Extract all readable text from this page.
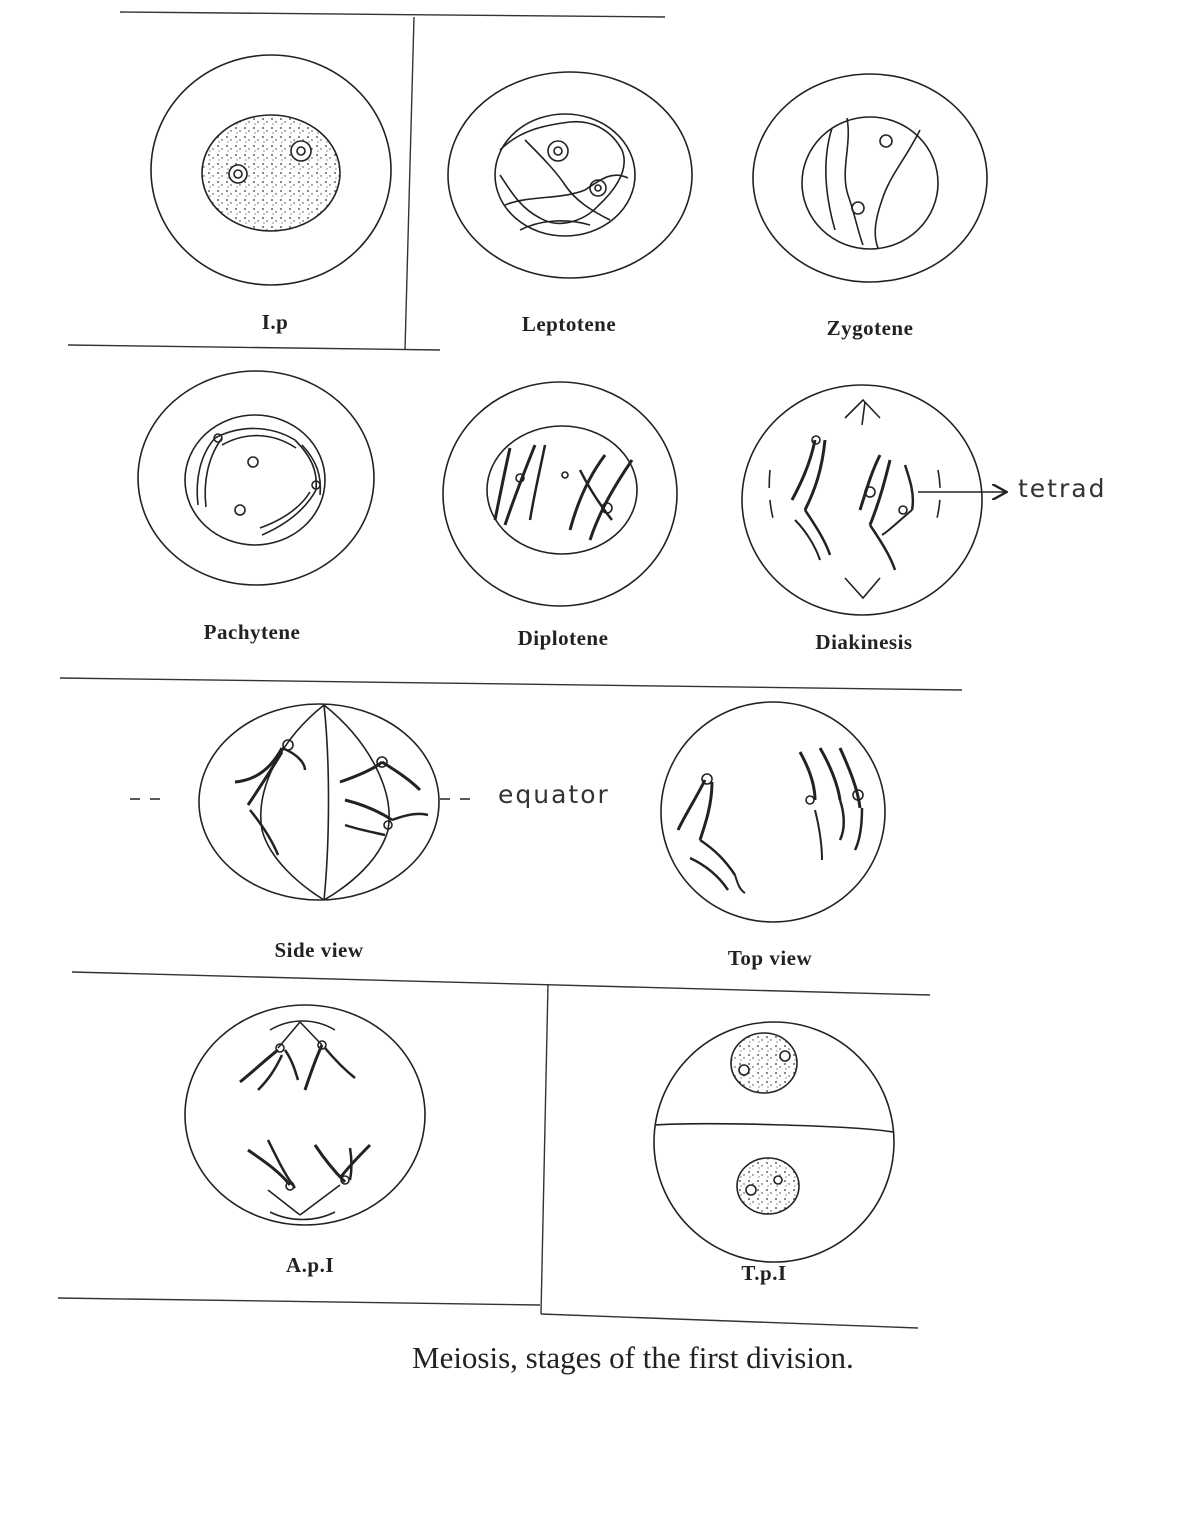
I.p	Leptotene	Zygotene
Pachytene	Diplotene	Diakinesis
Side view	Top view
A.p.I	T.p.I
tetrad
equator
Meiosis, stages of the first division.
